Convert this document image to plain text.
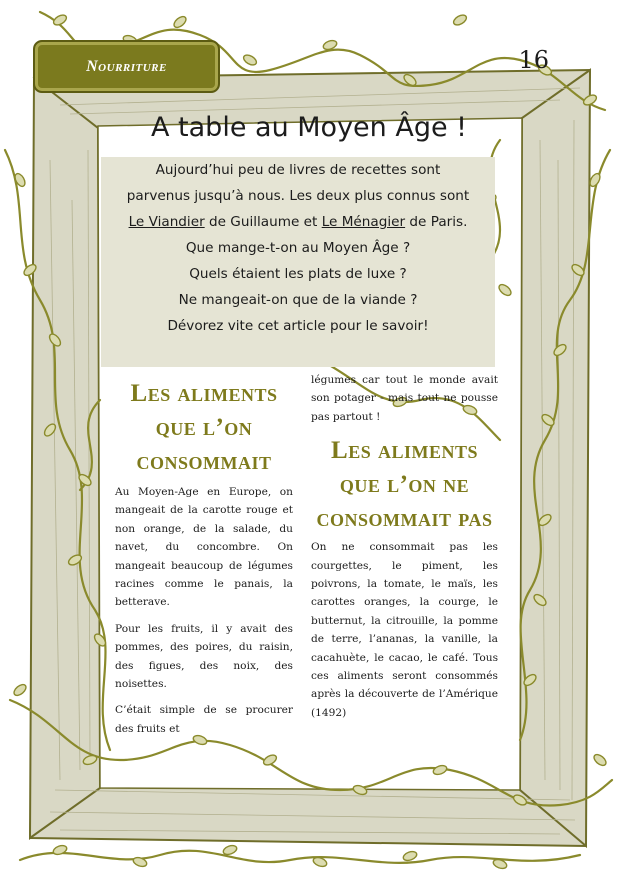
Nourriture	16
A table au Moyen Âge !
Aujourd’hui peu de livres de recettes sont
parvenus jusqu’à nous. Les deux plus connus sont
Le Viandier de Guillaume et Le Ménagier de Paris.
Que mange-t-on au Moyen Âge ?
Quels étaient les plats de luxe ?
Ne mangeait-on que de la viande ?
Dévorez vite cet article pour le savoir!
Les aliments que l’on consommait

Au Moyen-Age en Europe, on mangeait de la carotte rouge et non orange, de la salade, du navet, du concombre. On mangeait beaucoup de légumes racines comme le panais, la betterave.

Pour les fruits, il y avait des pommes, des poires, du raisin, des figues, des noix, des noisettes.

C’était simple de se procurer des fruits et

légumes car tout le monde avait son potager - mais tout ne pousse pas partout !

Les aliments que l’on ne consommait pas

On ne consommait pas les courgettes, le piment, les poivrons, la tomate, le maïs, les carottes oranges, la courge, le butternut, la citrouille, la pomme de terre, l’ananas, la vanille, la cacahuète, le cacao, le café. Tous ces aliments seront consommés après la découverte de l’Amérique (1492)
